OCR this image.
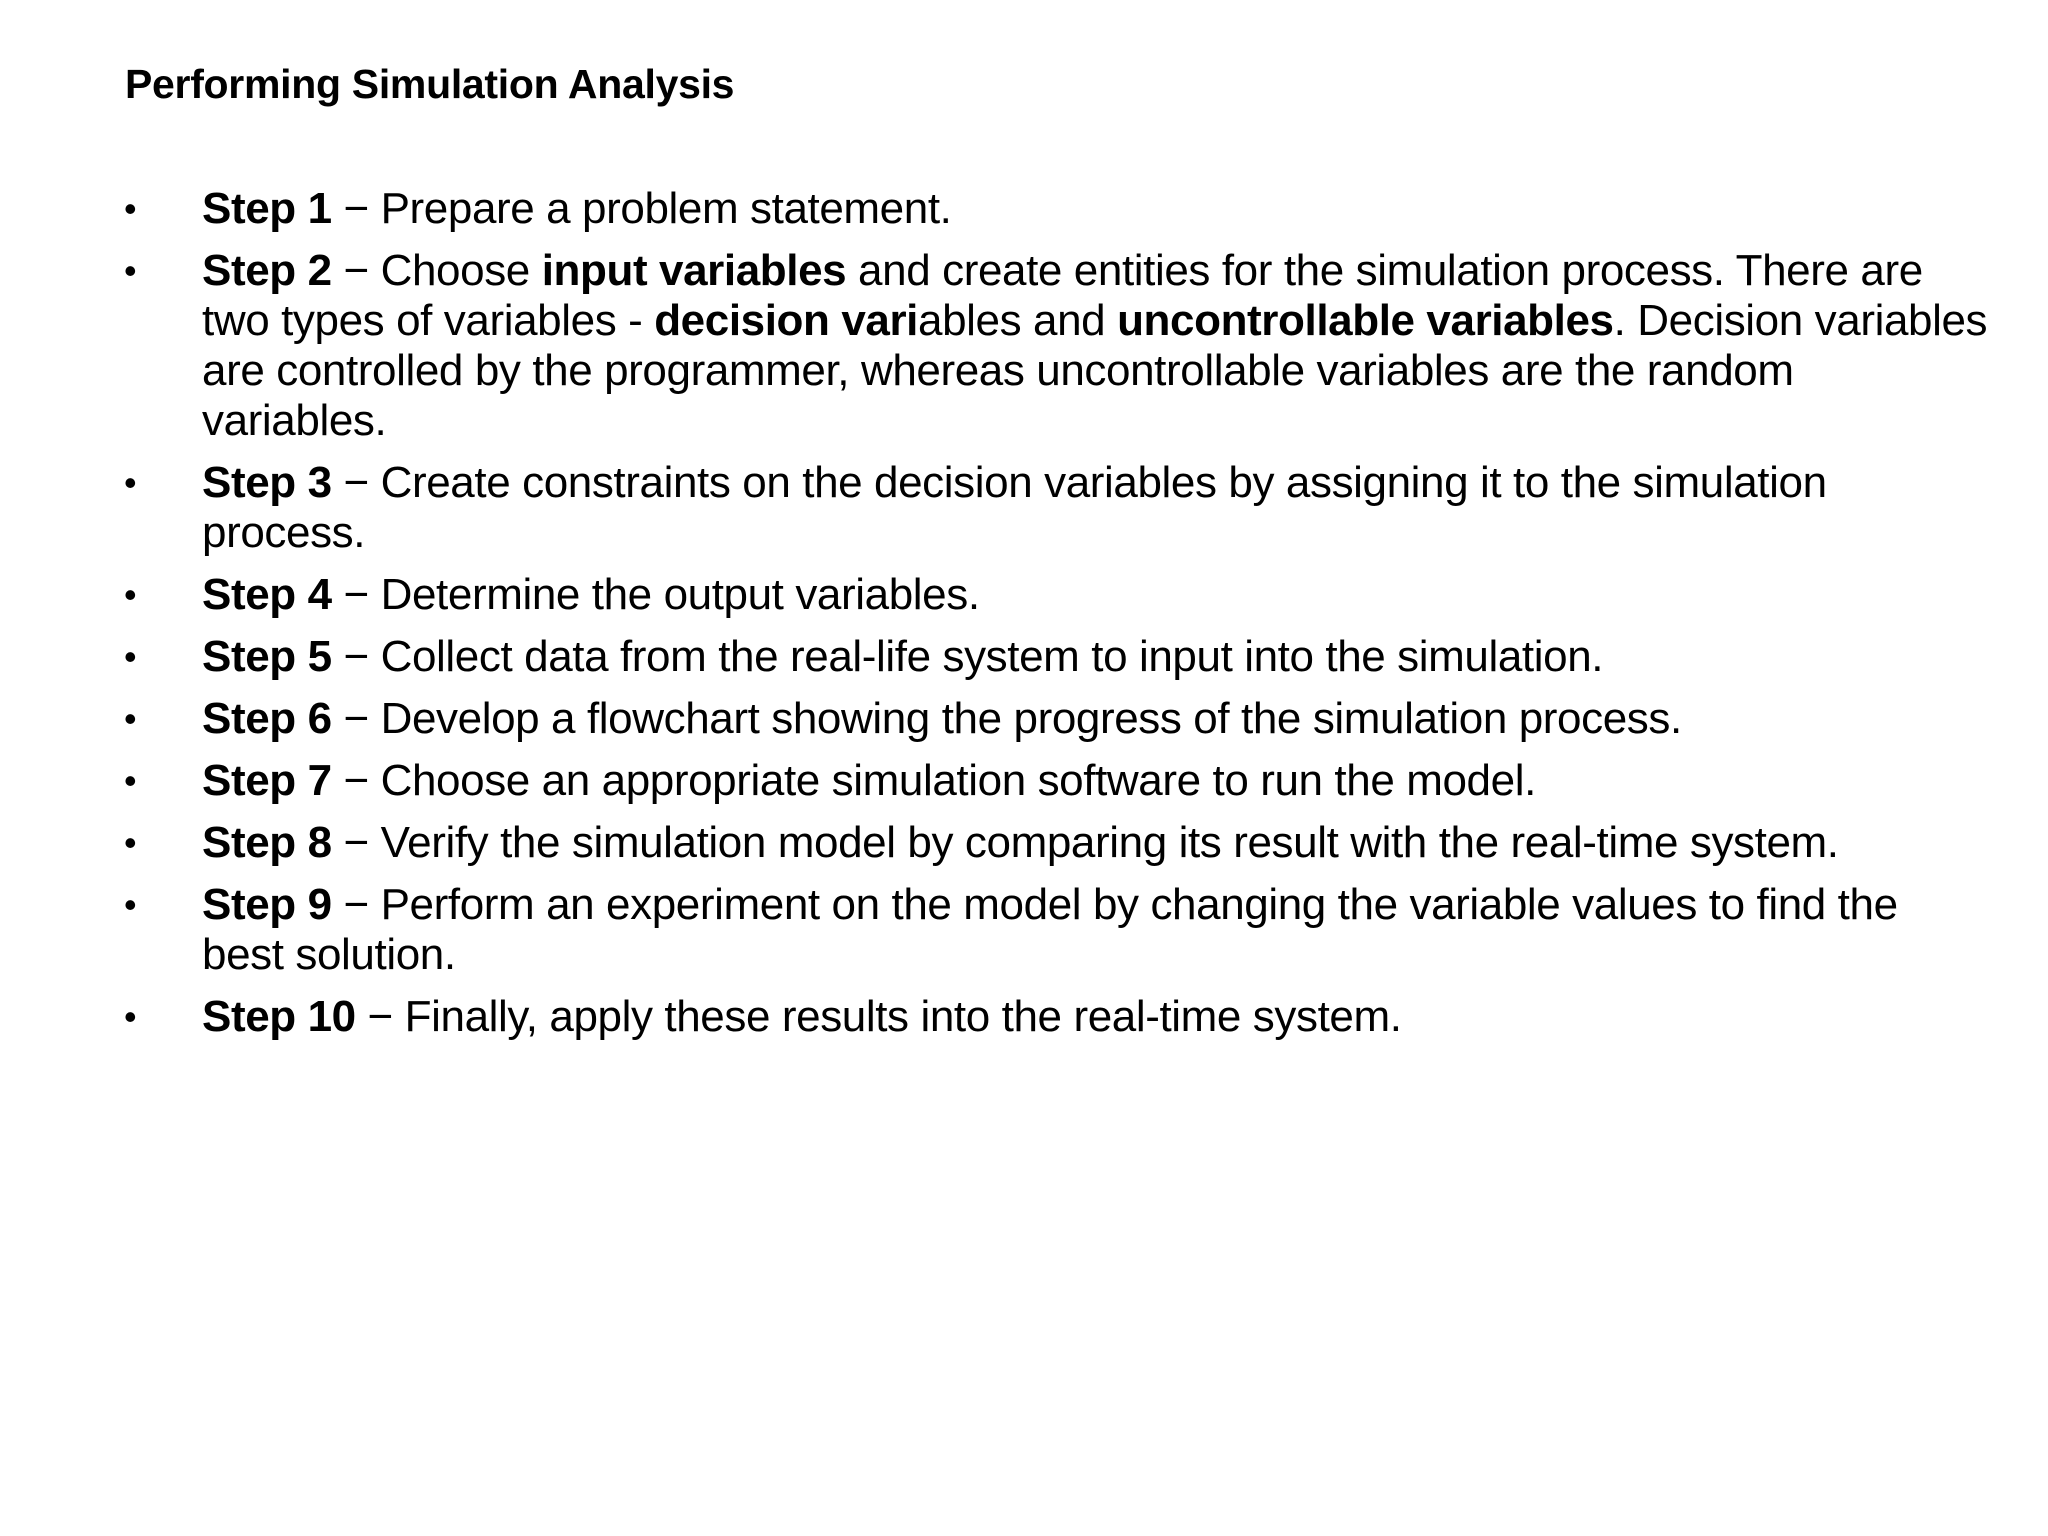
Performing Simulation Analysis
• Step 1 − Prepare a problem statement.
• Step 2 − Choose input variables and create entities for the simulation process. There are two types of variables - decision variables and uncontrollable variables. Decision variables are controlled by the programmer, whereas uncontrollable variables are the random variables.
• Step 3 − Create constraints on the decision variables by assigning it to the simulation process.
• Step 4 − Determine the output variables.
• Step 5 − Collect data from the real-life system to input into the simulation.
• Step 6 − Develop a flowchart showing the progress of the simulation process.
• Step 7 − Choose an appropriate simulation software to run the model.
• Step 8 − Verify the simulation model by comparing its result with the real-time system.
• Step 9 − Perform an experiment on the model by changing the variable values to find the best solution.
• Step 10 − Finally, apply these results into the real-time system.
